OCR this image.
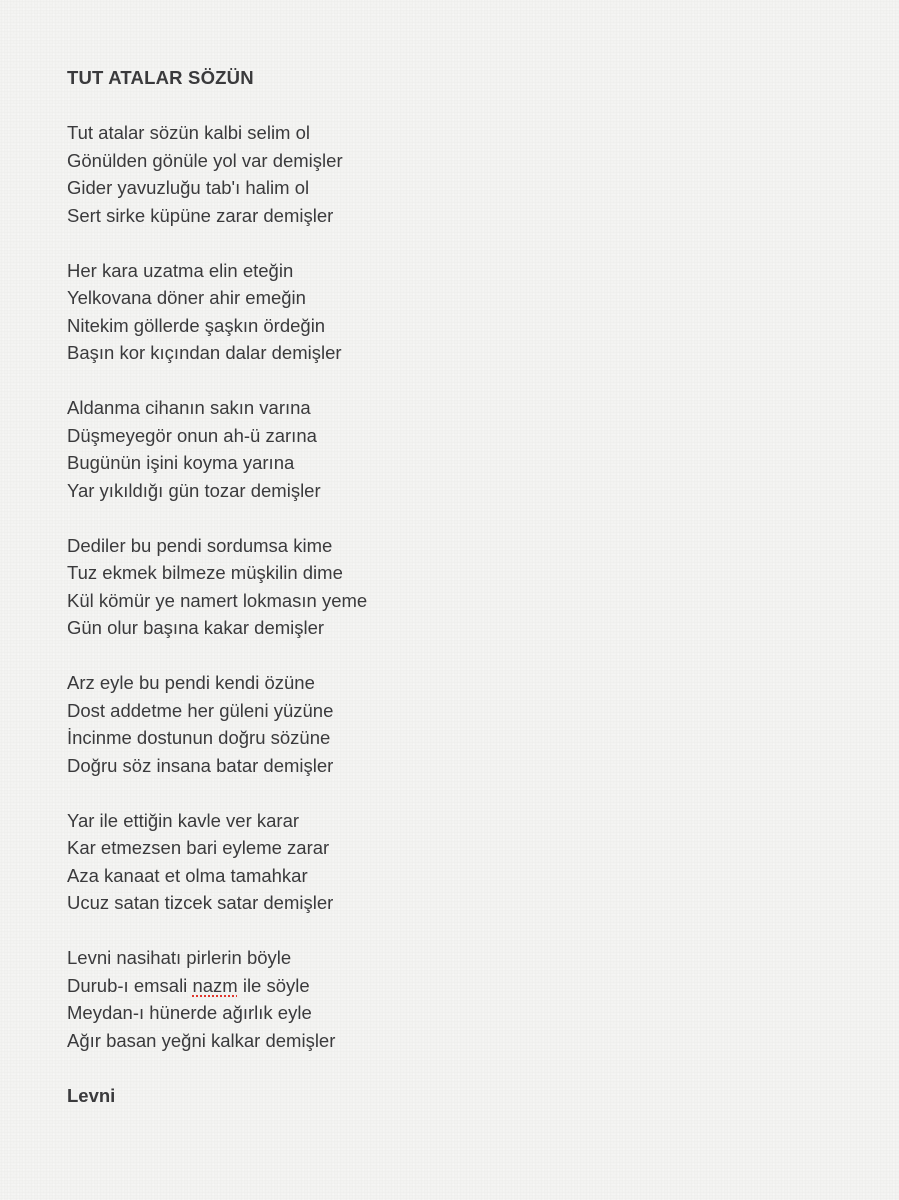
TUT ATALAR SÖZÜN
Tut atalar sözün kalbi selim ol
Gönülden gönüle yol var demişler
Gider yavuzluğu tab'ı halim ol
Sert sirke küpüne zarar demişler
Her kara uzatma elin eteğin
Yelkovana döner ahir emeğin
Nitekim göllerde şaşkın ördeğin
Başın kor kıçından dalar demişler
Aldanma cihanın sakın varına
Düşmeyegör onun ah-ü zarına
Bugünün işini koyma yarına
Yar yıkıldığı gün tozar demişler
Dediler bu pendi sordumsa kime
Tuz ekmek bilmeze müşkilin dime
Kül kömür ye namert lokmasın yeme
Gün olur başına kakar demişler
Arz eyle bu pendi kendi özüne
Dost addetme her güleni yüzüne
İncinme dostunun doğru sözüne
Doğru söz insana batar demişler
Yar ile ettiğin kavle ver karar
Kar etmezsen bari eyleme zarar
Aza kanaat et olma tamahkar
Ucuz satan tizcek satar demişler
Levni nasihatı pirlerin böyle
Durub-ı emsali nazm ile söyle
Meydan-ı hünerde ağırlık eyle
Ağır basan yeğni kalkar demişler
Levni
